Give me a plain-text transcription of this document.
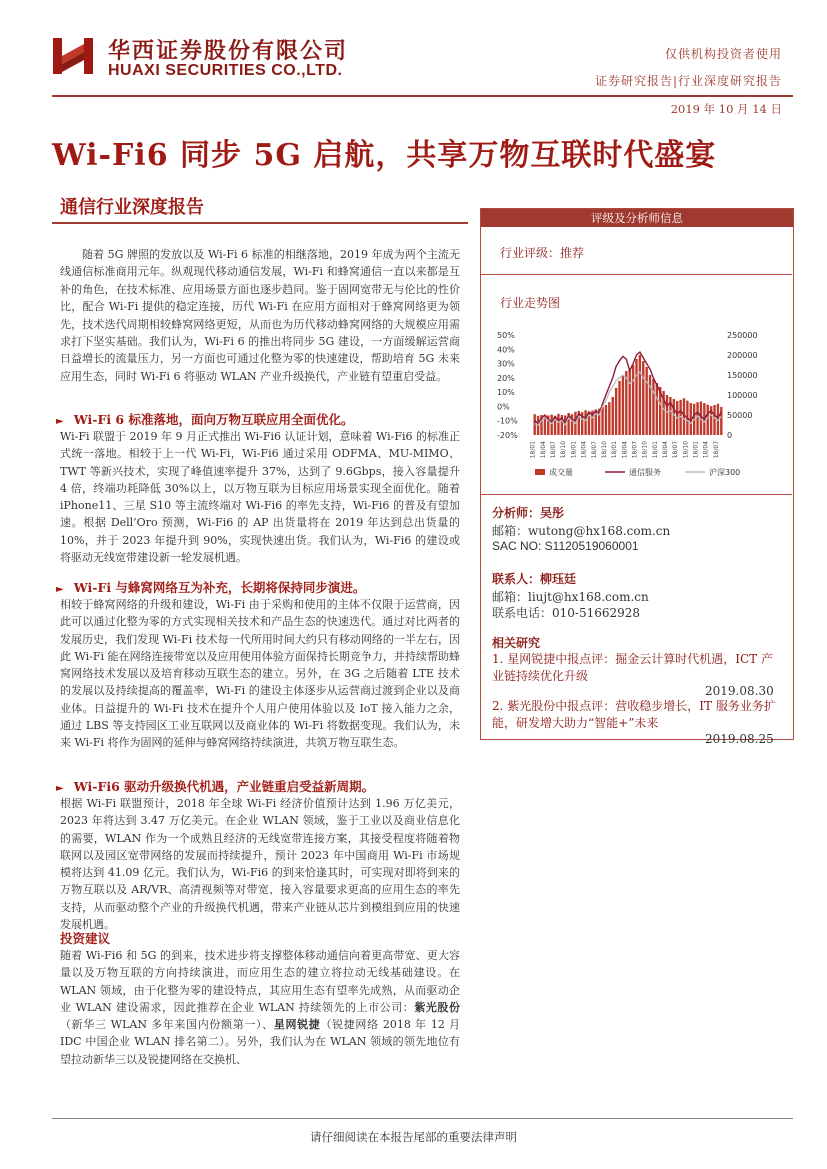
华西证券股份有限公司
HUAXI SECURITIES CO.,LTD.
仅供机构投资者使用
证券研究报告|行业深度研究报告
2019 年 10 月 14 日
Wi-Fi6 同步 5G 启航，共享万物互联时代盛宴
通信行业深度报告
随着 5G 牌照的发放以及 Wi-Fi 6 标准的相继落地，2019 年成为两个主流无线通信标准商用元年。纵观现代移动通信发展，Wi-Fi 和蜂窝通信一直以来都是互补的角色，在技术标准、应用场景方面也逐步趋同。鉴于固网宽带无与伦比的性价比，配合 Wi-Fi 提供的稳定连接，历代 Wi-Fi 在应用方面相对于蜂窝网络更为领先，技术迭代周期相较蜂窝网络更短，从而也为历代移动蜂窝网络的大规模应用需求打下坚实基础。我们认为，Wi-Fi 6 的推出将同步 5G 建设，一方面缓解运营商日益增长的流量压力，另一方面也可通过化整为零的快速建设，帮助培育 5G 未来应用生态，同时 Wi-Fi 6 将驱动 WLAN 产业升级换代，产业链有望重启受益。
► Wi-Fi 6 标准落地，面向万物互联应用全面优化。
Wi-Fi 联盟于 2019 年 9 月正式推出 Wi-Fi6 认证计划，意味着 Wi-Fi6 的标准正式统一落地。相较于上一代 Wi-Fi，Wi-Fi6 通过采用 ODFMA、MU-MIMO、TWT 等新兴技术，实现了峰值速率提升 37%，达到了 9.6Gbps，接入容量提升 4 倍，终端功耗降低 30%以上，以万物互联为目标应用场景实现全面优化。随着 iPhone11、三星 S10 等主流终端对 Wi-Fi6 的率先支持，Wi-Fi6 的普及有望加速。根据 Dell’Oro 预测，Wi-Fi6 的 AP 出货量将在 2019 年达到总出货量的 10%，并于 2023 年提升到 90%，实现快速出货。我们认为，Wi-Fi6 的建设或将驱动无线宽带建设新一轮发展机遇。
► Wi-Fi 与蜂窝网络互为补充，长期将保持同步演进。
相较于蜂窝网络的升级和建设，Wi-Fi 由于采购和使用的主体不仅限于运营商，因此可以通过化整为零的方式实现相关技术和产品生态的快速迭代。通过对比两者的发展历史，我们发现 Wi-Fi 技术每一代所用时间大约只有移动网络的一半左右，因此 Wi-Fi 能在网络连接带宽以及应用使用体验方面保持长期竞争力，并持续帮助蜂窝网络技术发展以及培育移动互联生态的建立。另外，在 3G 之后随着 LTE 技术的发展以及持续提高的覆盖率，Wi-Fi 的建设主体逐步从运营商过渡到企业以及商业体。日益提升的 Wi-Fi 技术在提升个人用户使用体验以及 IoT 接入能力之余，通过 LBS 等支持园区工业互联网以及商业体的 Wi-Fi 将数据变现。我们认为，未来 Wi-Fi 将作为固网的延伸与蜂窝网络持续演进，共筑万物互联生态。
► Wi-Fi6 驱动升级换代机遇，产业链重启受益新周期。
根据 Wi-Fi 联盟预计，2018 年全球 Wi-Fi 经济价值预计达到 1.96 万亿美元，2023 年将达到 3.47 万亿美元。在企业 WLAN 领域，鉴于工业以及商业信息化的需要，WLAN 作为一个成熟且经济的无线宽带连接方案，其接受程度将随着物联网以及园区宽带网络的发展而持续提升，预计 2023 年中国商用 Wi-Fi 市场规模将达到 41.09 亿元。我们认为，Wi-Fi6 的到来恰逢其时，可实现对即将到来的万物互联以及 AR/VR、高清视频等对带宽、接入容量要求更高的应用生态的率先支持，从而驱动整个产业的升级换代机遇，带来产业链从芯片到模组到应用的快速发展机遇。
投资建议
随着 Wi-Fi6 和 5G 的到来，技术进步将支撑整体移动通信向着更高带宽、更大容量以及万物互联的方向持续演进，而应用生态的建立将拉动无线基础建设。在 WLAN 领域，由于化整为零的建设特点，其应用生态有望率先成熟，从而驱动企业 WLAN 建设需求，因此推荐在企业 WLAN 持续领先的上市公司：紫光股份（新华三 WLAN 多年来国内份额第一）、星网锐捷（锐捷网络 2018 年 12 月 IDC 中国企业 WLAN 排名第二）。另外，我们认为在 WLAN 领域的领先地位有望拉动新华三以及锐捷网络在交换机、
评级及分析师信息
行业评级：推荐
行业走势图
50%
40%
30%
20%
10%
0%
-10%
-20%
250000
200000
150000
100000
50000
0
18/01 18/04 18/07 18/10 18/01 18/04 18/07 18/10 18/01 18/04 18/07 18/10 18/01 18/04 18/07 18/10 18/01 18/04 18/07
成交量	通信服务	沪深300
分析师：吴彤
邮箱：wutong@hx168.com.cn
SAC NO: S1120519060001
联系人：柳珏廷
邮箱：liujt@hx168.com.cn
联系电话：010-51662928
相关研究
1. 星网锐捷中报点评：掘金云计算时代机遇，ICT 产业链持续优化升级
2019.08.30
2. 紫光股份中报点评：营收稳步增长，IT 服务业务扩能，研发增大助力“智能+”未来
2019.08.25
请仔细阅读在本报告尾部的重要法律声明
